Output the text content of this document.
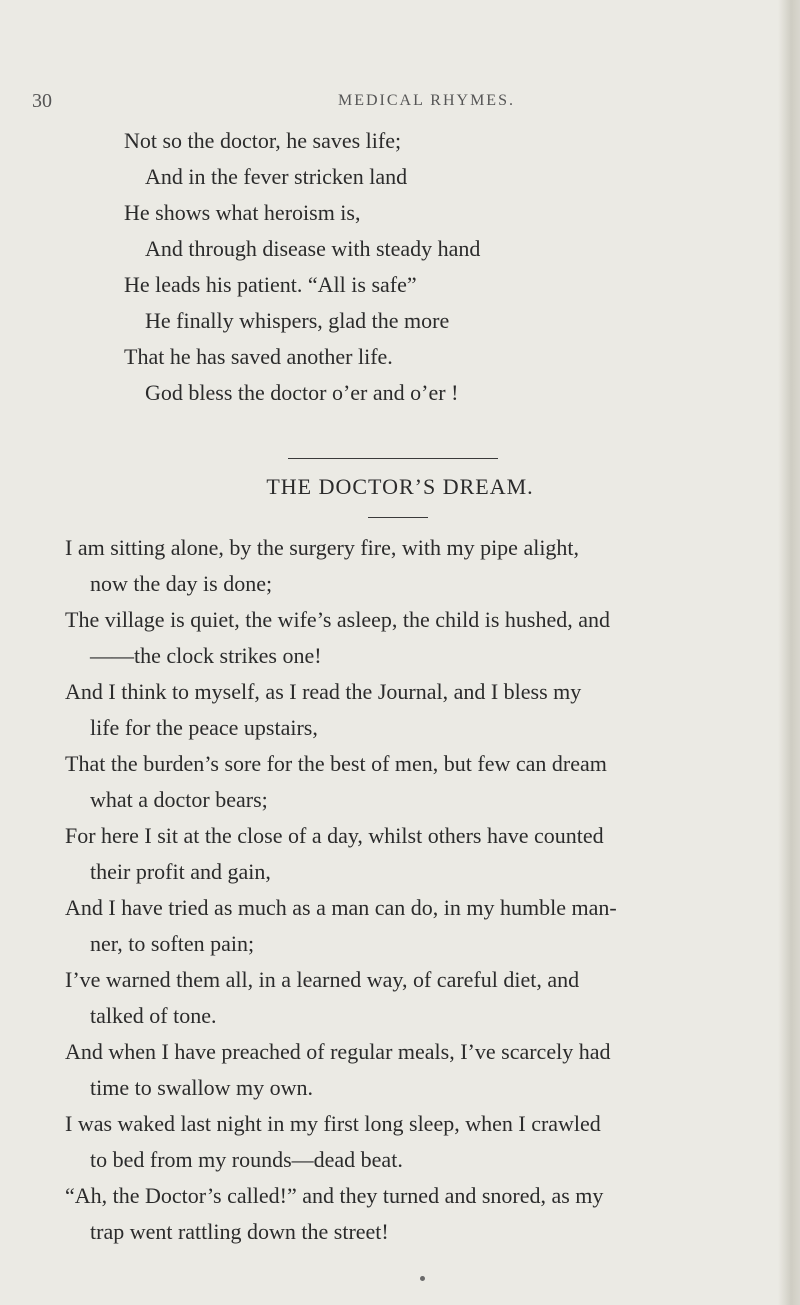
30	MEDICAL RHYMES.
Not so the doctor, he saves life;
And in the fever stricken land
He shows what heroism is,
And through disease with steady hand
He leads his patient. “All is safe”
He finally whispers, glad the more
That he has saved another life.
God bless the doctor o’er and o’er !
THE DOCTOR’S DREAM.
I am sitting alone, by the surgery fire, with my pipe alight,
now the day is done;
The village is quiet, the wife’s asleep, the child is hushed, and
——the clock strikes one!
And I think to myself, as I read the Journal, and I bless my
life for the peace upstairs,
That the burden’s sore for the best of men, but few can dream
what a doctor bears;
For here I sit at the close of a day, whilst others have counted
their profit and gain,
And I have tried as much as a man can do, in my humble man-
ner, to soften pain;
I’ve warned them all, in a learned way, of careful diet, and
talked of tone.
And when I have preached of regular meals, I’ve scarcely had
time to swallow my own.
I was waked last night in my first long sleep, when I crawled
to bed from my rounds—dead beat.
“Ah, the Doctor’s called!” and they turned and snored, as my
trap went rattling down the street!
